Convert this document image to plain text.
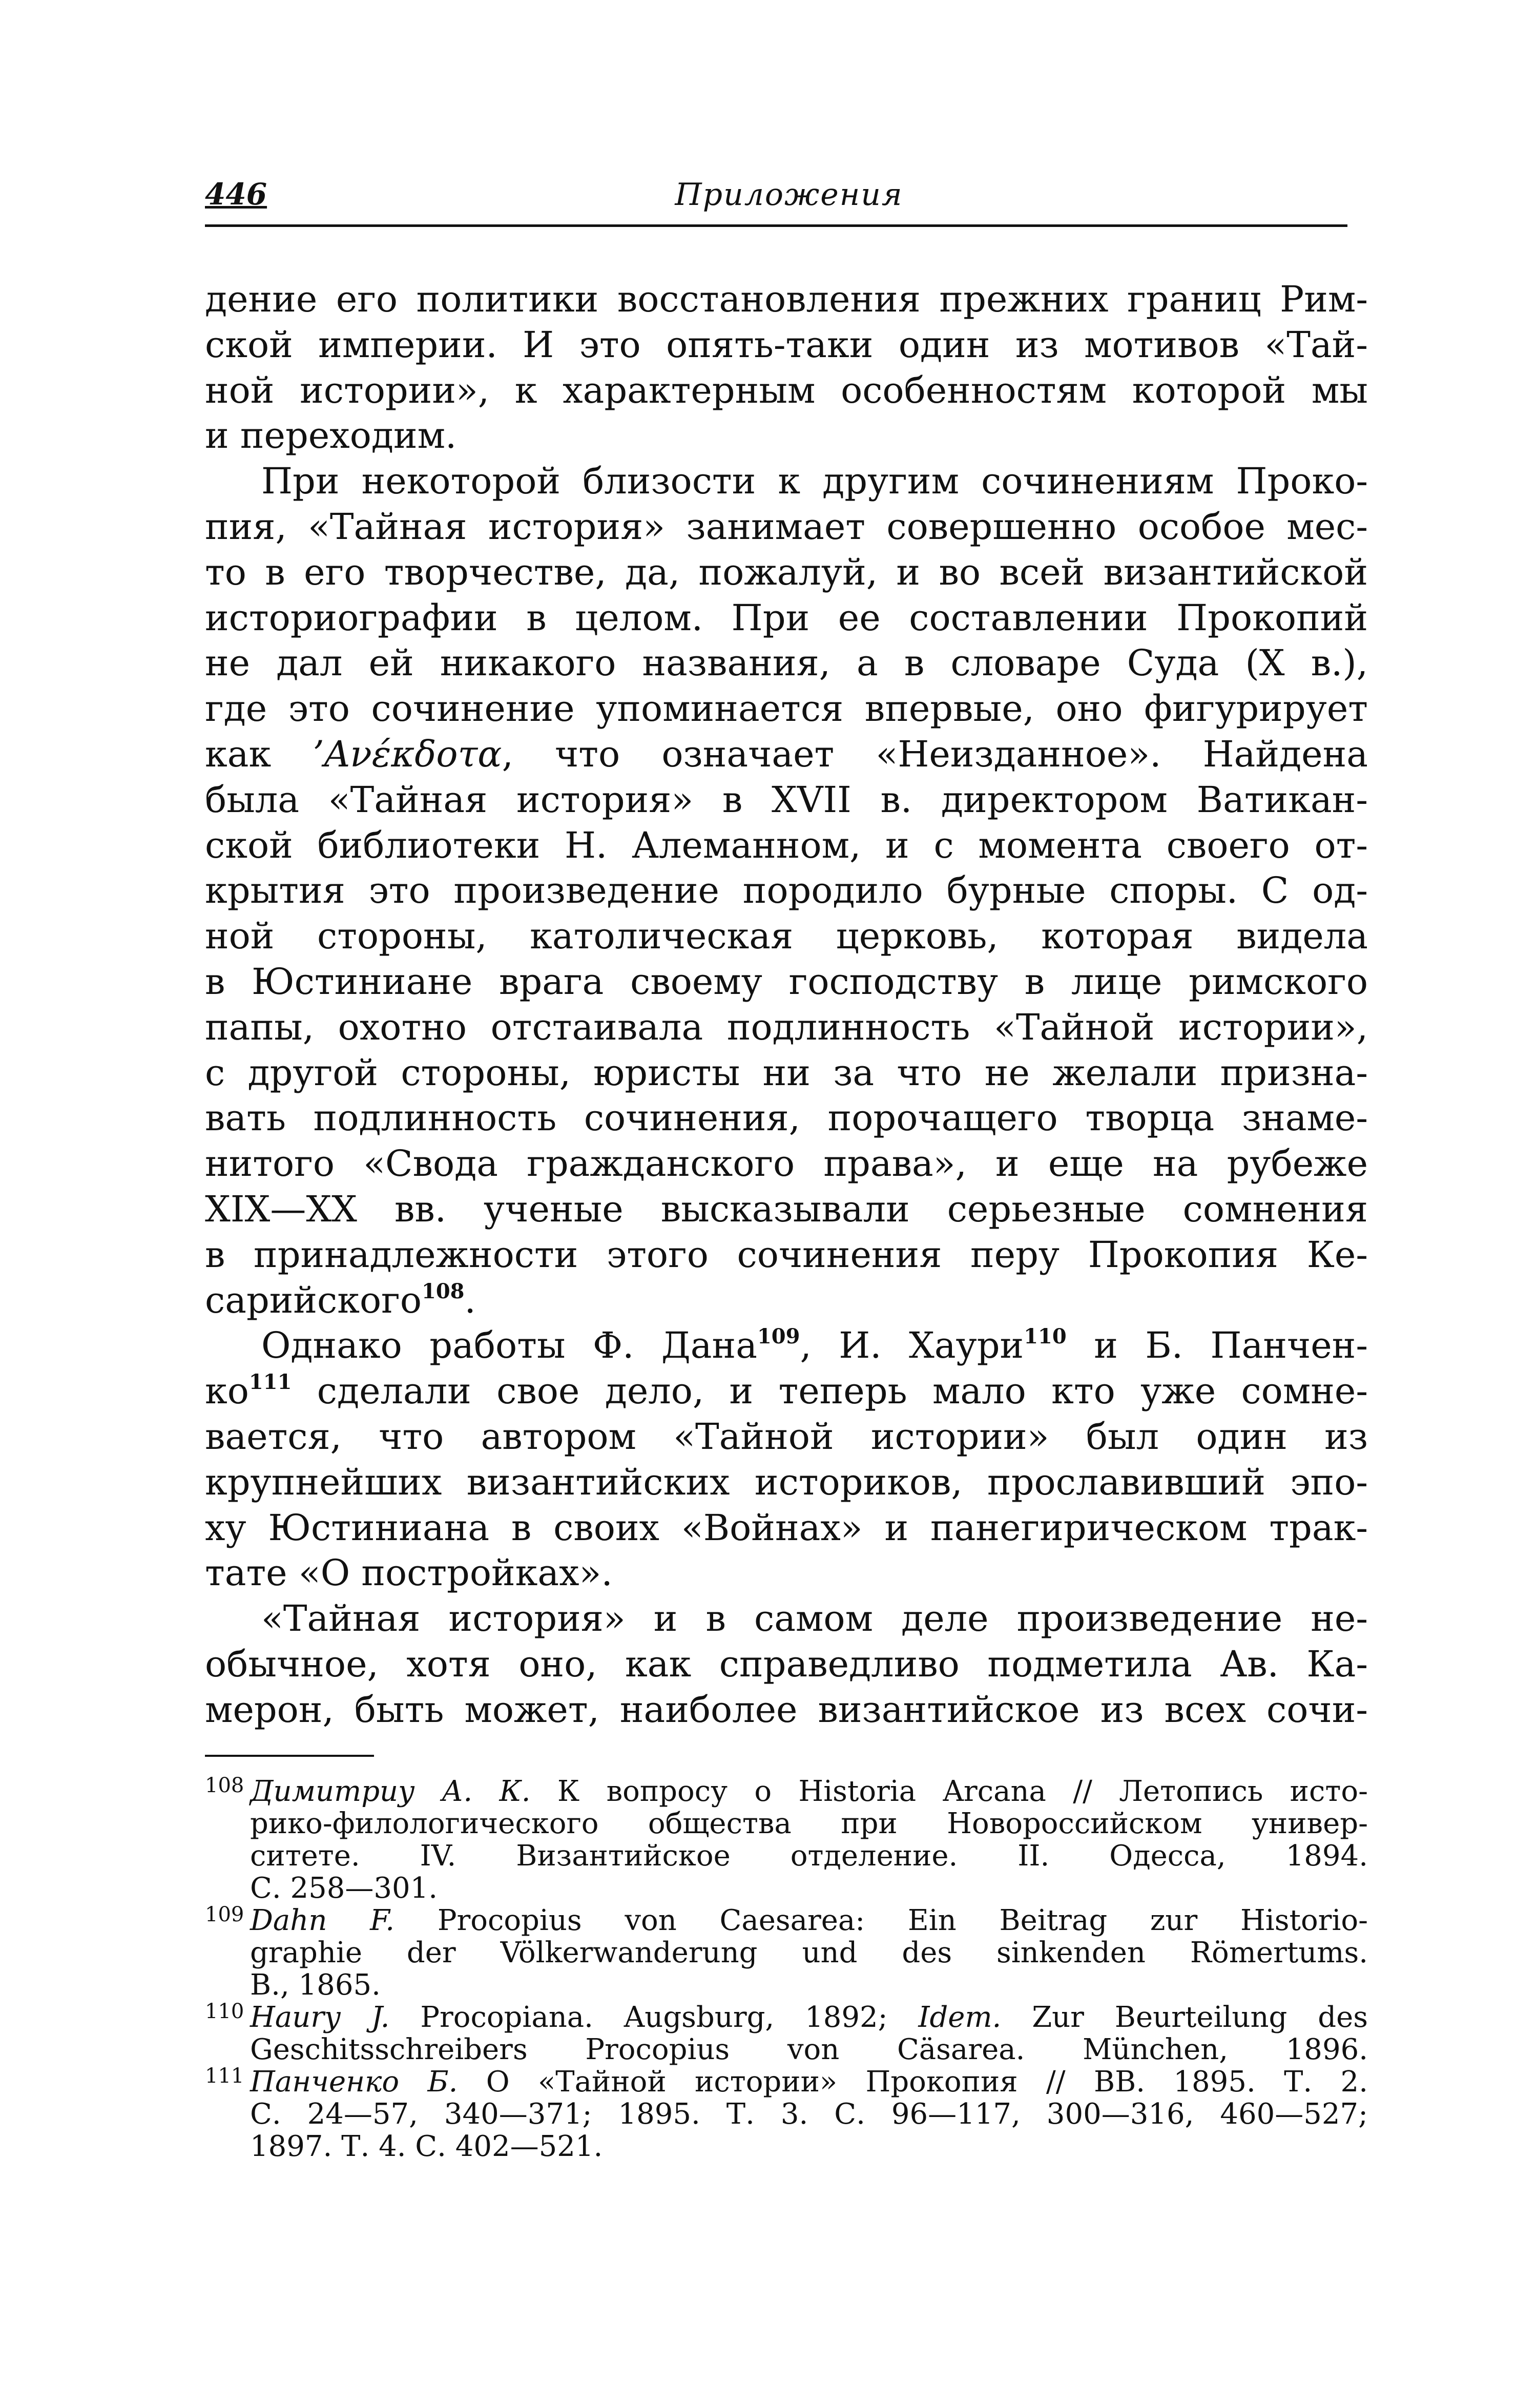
446	Приложения
дение его политики восстановления прежних границ Рим-
ской империи. И это опять-таки один из мотивов «Тай-
ной истории», к характерным особенностям которой мы
и переходим.
При некоторой близости к другим сочинениям Проко-
пия, «Тайная история» занимает совершенно особое мес-
то в его творчестве, да, пожалуй, и во всей византийской
историографии в целом. При ее составлении Прокопий
не дал ей никакого названия, а в словаре Суда (X в.),
где это сочинение упоминается впервые, оно фигурирует
как ’Ανέκδοτα, что означает «Неизданное». Найдена
была «Тайная история» в XVII в. директором Ватикан-
ской библиотеки Н. Алеманном, и с момента своего от-
крытия это произведение породило бурные споры. С од-
ной стороны, католическая церковь, которая видела
в Юстиниане врага своему господству в лице римского
папы, охотно отстаивала подлинность «Тайной истории»,
с другой стороны, юристы ни за что не желали призна-
вать подлинность сочинения, порочащего творца знаме-
нитого «Свода гражданского права», и еще на рубеже
XIX—XX вв. ученые высказывали серьезные сомнения
в принадлежности этого сочинения перу Прокопия Ке-
сарийского$^{108}$.
Однако работы Ф. Дана$^{109}$, И. Хаури$^{110}$ и Б. Панчен-
$ко^{111}$ сделали свое дело, и теперь мало кто уже сомне-
вается, что автором «Тайной истории» был один из
крупнейших византийских историков, прославивший эпо-
ху Юстиниана в своих «Войнах» и панегирическом трак-
тате «О постройках».
«Тайная история» и в самом деле произведение не-
обычное, хотя оно, как справедливо подметила Ав. Ка-
мерон, быть может, наиболее византийское из всех сочи-
108 Димитриу А. К. К вопросу о Historia Arcana // Летопись исто-
рико-филологического общества при Новороссийском универ-
ситете. IV. Византийское отделение. II. Одесса, 1894.
С. 258—301.
109 Dahn F. Procopius von Caesarea: Ein Beitrag zur Historio-
graphie der Völkerwanderung und des sinkenden Römertums.
B., 1865.
110 Haury J. Procopiana. Augsburg, 1892; Idem. Zur Beurteilung des
Geschitsschreibers Procopius von Cäsarea. München, 1896.
111 Панченко Б. О «Тайной истории» Прокопия // ВВ. 1895. Т. 2.
С. 24—57, 340—371; 1895. Т. 3. С. 96—117, 300—316, 460—527;
1897. Т. 4. С. 402—521.
